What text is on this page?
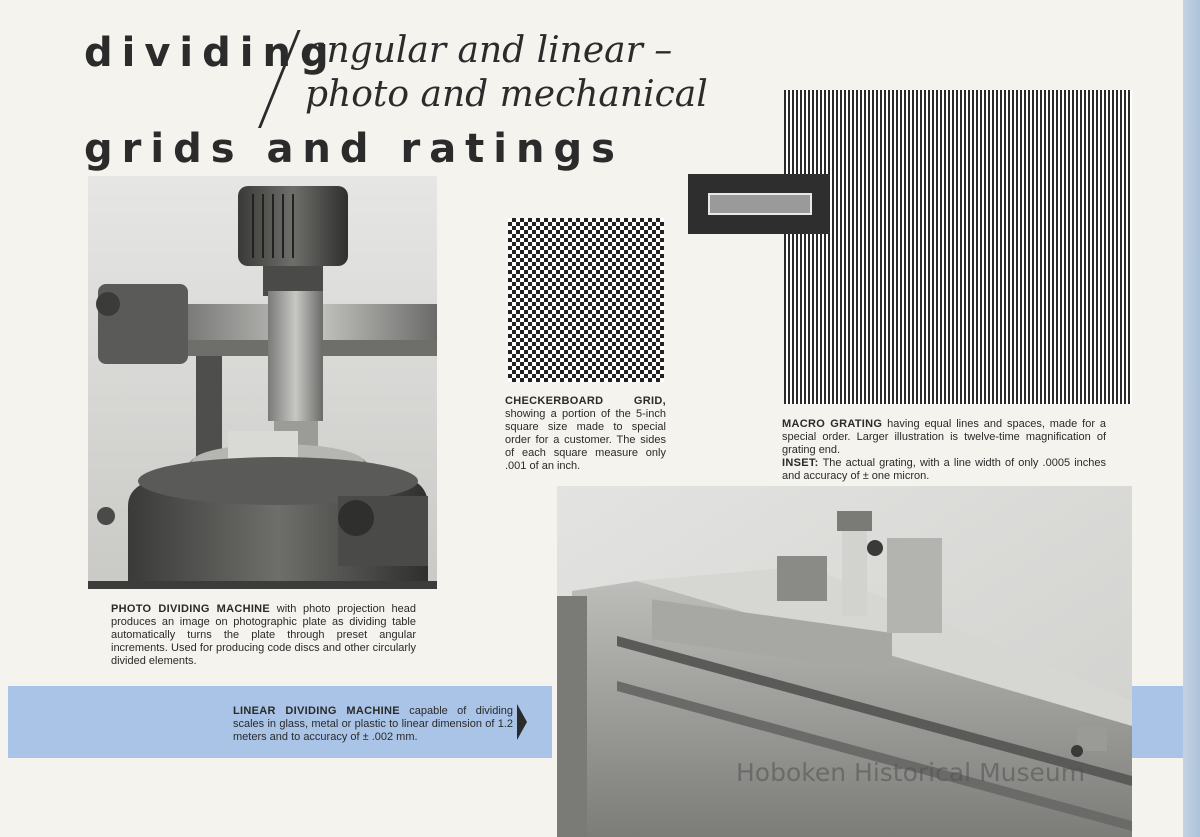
dividing
angular and linear –
photo and mechanical
grids and ratings
PHOTO DIVIDING MACHINE with photo projection head produces an image on photographic plate as dividing table automatically turns the plate through preset angular increments. Used for producing code discs and other circularly divided elements.
CHECKERBOARD GRID, showing a portion of the 5-inch square size made to special order for a customer. The sides of each square measure only .001 of an inch.
MACRO GRATING having equal lines and spaces, made for a special order. Larger illustration is twelve-time magnification of grating end.
INSET: The actual grating, with a line width of only .0005 inches and accuracy of ± one micron.
LINEAR DIVIDING MACHINE capable of dividing scales in glass, metal or plastic to linear dimension of 1.2 meters and to accuracy of ± .002 mm.
Hoboken Historical Museum
